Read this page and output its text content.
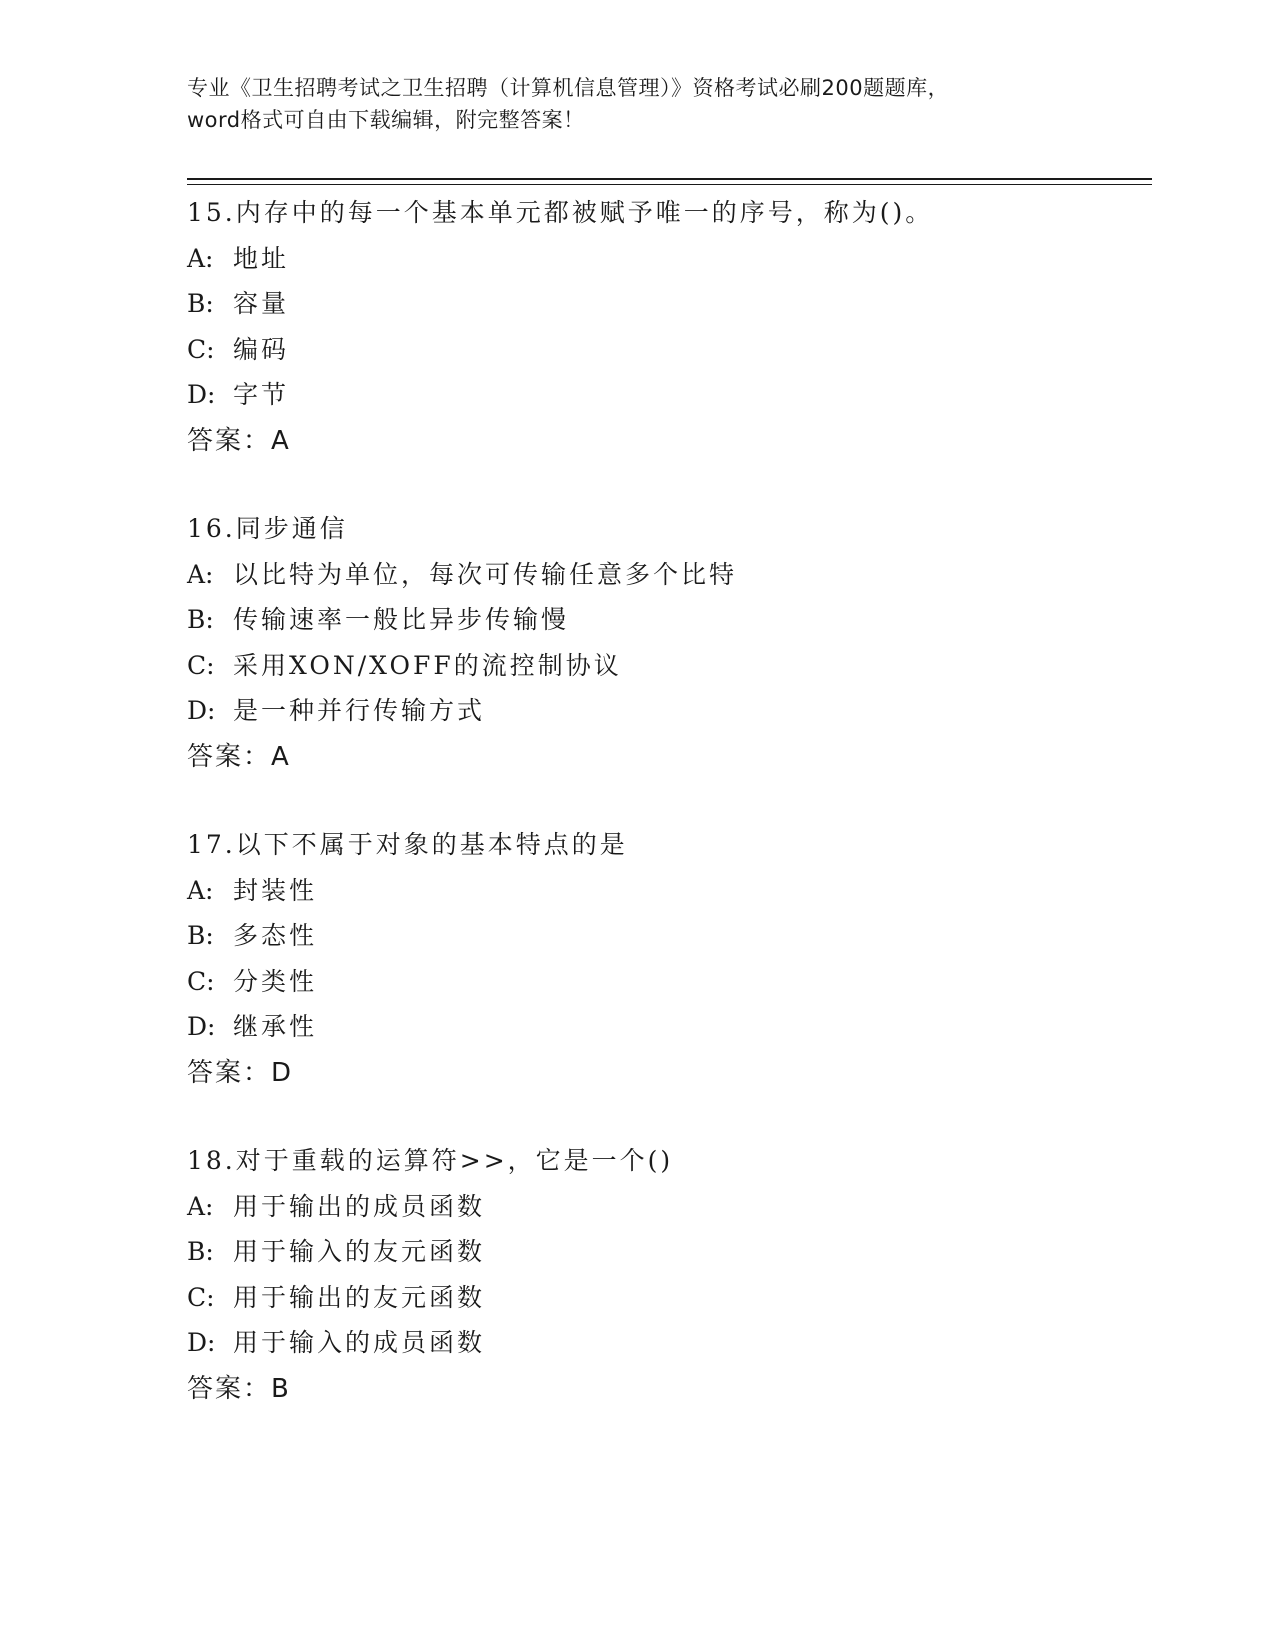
专业《卫生招聘考试之卫生招聘（计算机信息管理）》资格考试必刷200题题库，
word格式可自由下载编辑，附完整答案！
15.内存中的每一个基本单元都被赋予唯一的序号，称为()。
A: 地址
B: 容量
C: 编码
D: 字节
答案：A
16.同步通信
A: 以比特为单位，每次可传输任意多个比特
B: 传输速率一般比异步传输慢
C: 采用XON/XOFF的流控制协议
D: 是一种并行传输方式
答案：A
17.以下不属于对象的基本特点的是
A: 封装性
B: 多态性
C: 分类性
D: 继承性
答案：D
18.对于重载的运算符>>，它是一个()
A: 用于输出的成员函数
B: 用于输入的友元函数
C: 用于输出的友元函数
D: 用于输入的成员函数
答案：B
